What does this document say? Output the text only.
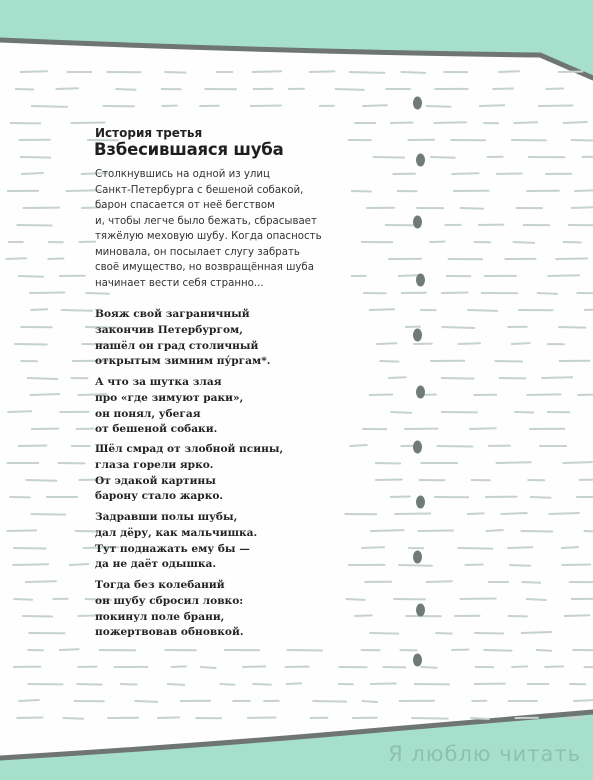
История третья
Взбесившаяся шуба
Столкнувшись на одной из улиц
Санкт-Петербурга с бешеной собакой,
барон спасается от неё бегством
и, чтобы легче было бежать, сбрасывает
тяжёлую меховую шубу. Когда опасность
миновала, он посылает слугу забрать
своё имущество, но возвращённая шуба
начинает вести себя странно...
Вояж свой заграничный
закончив Петербургом,
нашёл он град столичный
открытым зимним пу́ргам*.
А что за шутка злая
про «где зимуют раки»,
он понял, убегая
от бешеной собаки.
Шёл смрад от злобной псины,
глаза горели ярко.
От эдакой картины
барону стало жарко.
Задравши полы шубы,
дал дёру, как мальчишка.
Тут поднажать ему бы —
да не даёт одышка.
Тогда без колебаний
он шубу сбросил ловко:
покинул поле брани,
пожертвовав обновкой.
Я люблю читать
